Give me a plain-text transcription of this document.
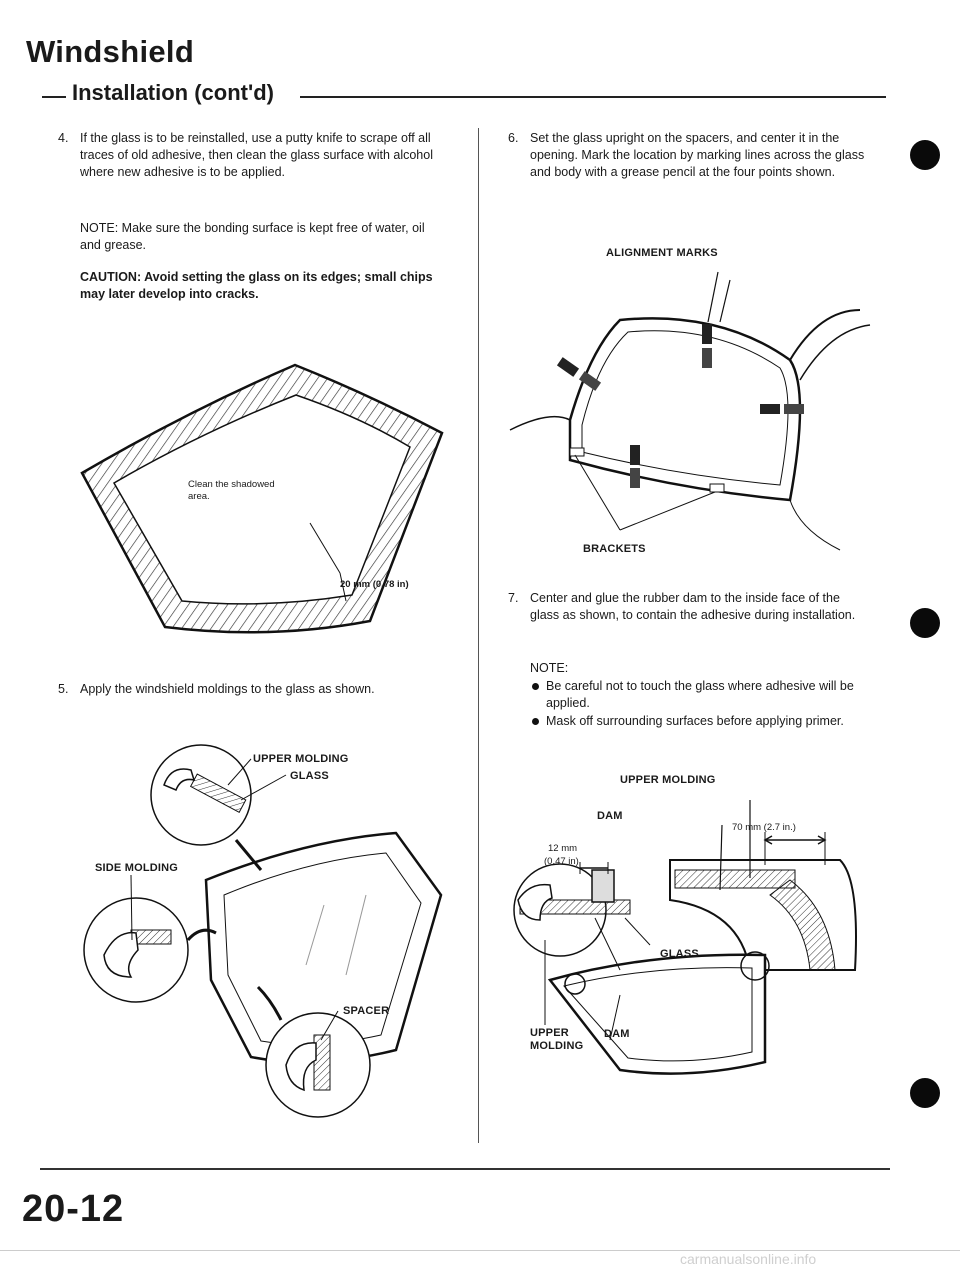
Windshield
Installation (cont'd)
4. If the glass is to be reinstalled, use a putty knife to scrape off all traces of old adhesive, then clean the glass surface with alcohol where new adhesive is to be applied.
NOTE: Make sure the bonding surface is kept free of water, oil and grease.
CAUTION: Avoid setting the glass on its edges; small chips may later develop into cracks.
Clean the shadowed
area.
20 mm (0.78 in)
5. Apply the windshield moldings to the glass as shown.
UPPER MOLDING
GLASS
SIDE MOLDING
SPACER
6. Set the glass upright on the spacers, and center it in the opening. Mark the location by marking lines across the glass and body with a grease pencil at the four points shown.
ALIGNMENT MARKS
BRACKETS
7. Center and glue the rubber dam to the inside face of the glass as shown, to contain the adhesive during installation.
NOTE:
Be careful not to touch the glass where adhesive will be applied.
Mask off surrounding surfaces before applying primer.
UPPER MOLDING
DAM
12 mm
(0.47 in)
70 mm (2.7 in.)
GLASS
UPPER
MOLDING
DAM
20-12
carmanualsonline.info
